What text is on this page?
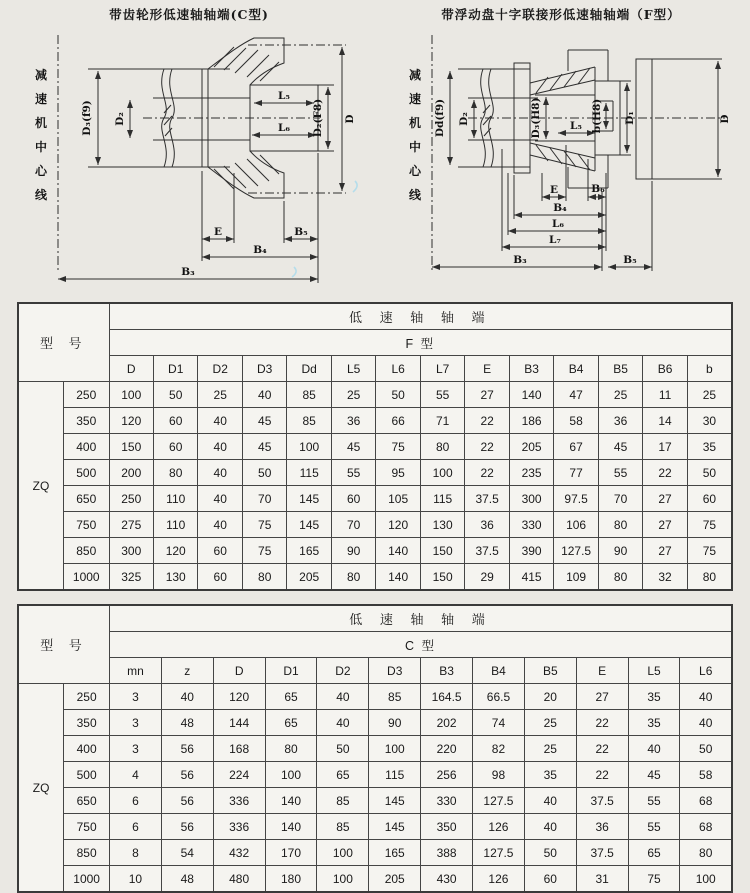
带齿轮形低速轴轴端(C型)
减
速
机
中
心
线
D₃(f9) D₂
L₅
L₆ D₂(F8) D
E	B₅
B₄
B₃
带浮动盘十字联接形低速轴轴端（F型）
减
速
机
中
心
线
Dd(f9) D₂	D₃(H8)	L₅ b(H8) D₁	D
E	B₆
B₄
L₆
L₇
B₃	B₅
型 号		低 速 轴 轴 端													
		F 型													
		D	D1	D2	D3	Dd	L5	L6	L7	E	B3	B4	B5	B6	b
ZQ	250	100	50	25	40	85	25	50	55	27	140	47	25	11	25
	350	120	60	40	45	85	36	66	71	22	186	58	36	14	30
	400	150	60	40	45	100	45	75	80	22	205	67	45	17	35
	500	200	80	40	50	115	55	95	100	22	235	77	55	22	50
	650	250	110	40	70	145	60	105	115	37.5	300	97.5	70	27	60
	750	275	110	40	75	145	70	120	130	36	330	106	80	27	75
	850	300	120	60	75	165	90	140	150	37.5	390	127.5	90	27	75
	1000	325	130	60	80	205	80	140	150	29	415	109	80	32	80
型 号		低 速 轴 轴 端											
		C 型											
		mn	z	D	D1	D2	D3	B3	B4	B5	E	L5	L6
ZQ	250	3	40	120	65	40	85	164.5	66.5	20	27	35	40
	350	3	48	144	65	40	90	202	74	25	22	35	40
	400	3	56	168	80	50	100	220	82	25	22	40	50
	500	4	56	224	100	65	115	256	98	35	22	45	58
	650	6	56	336	140	85	145	330	127.5	40	37.5	55	68
	750	6	56	336	140	85	145	350	126	40	36	55	68
	850	8	54	432	170	100	165	388	127.5	50	37.5	65	80
	1000	10	48	480	180	100	205	430	126	60	31	75	100
